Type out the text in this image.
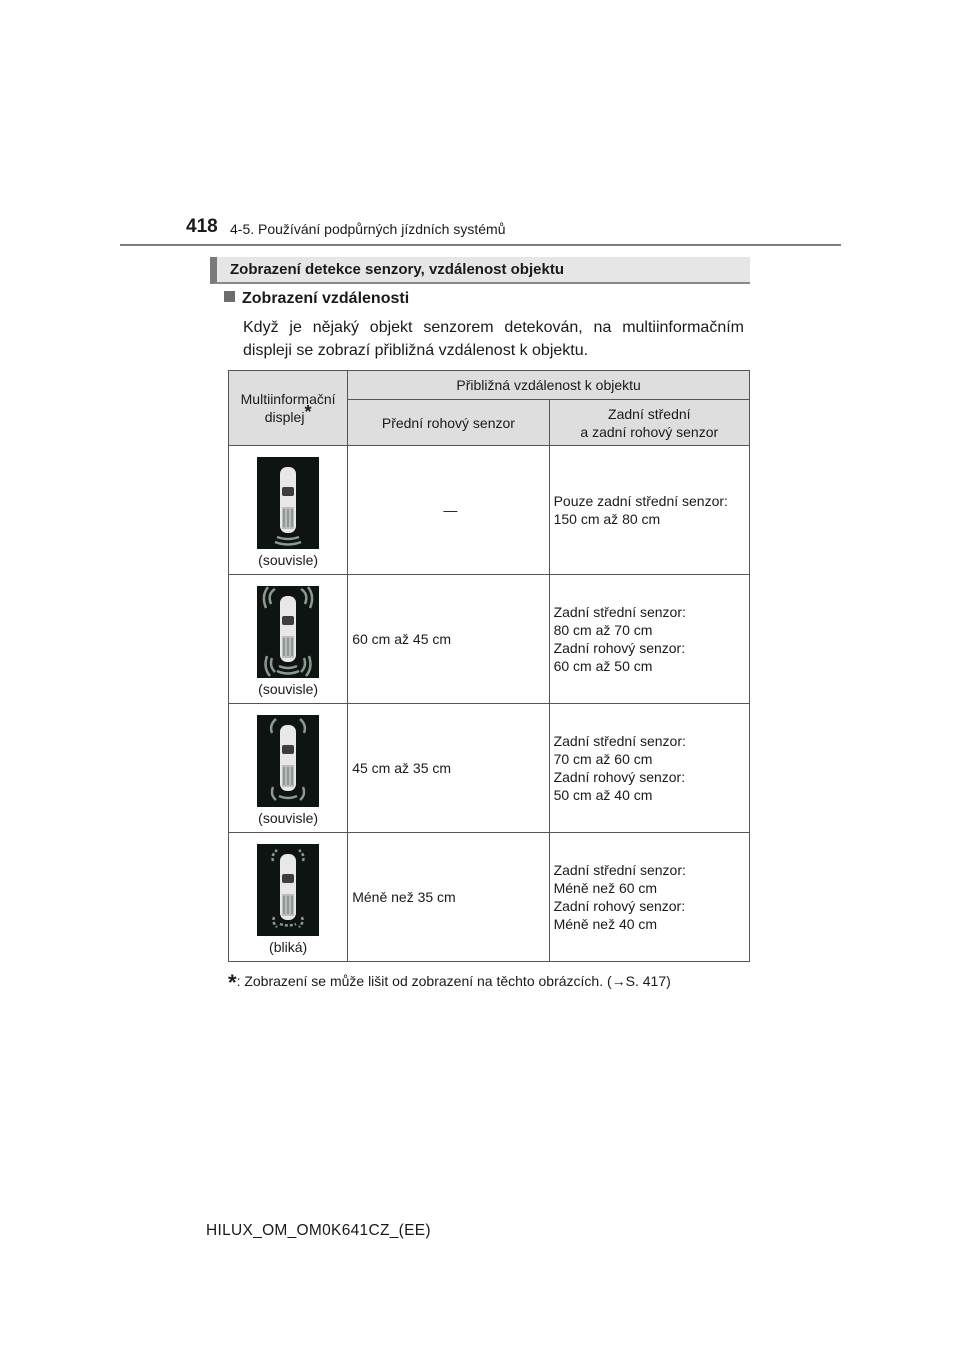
418 4-5. Používání podpůrných jízdních systémů
Zobrazení detekce senzory, vzdálenost objektu
Zobrazení vzdálenosti
Když je nějaký objekt senzorem detekován, na multiinformačním displeji se zobrazí přibližná vzdálenost k objektu.
Multiinformační
displej*	Přibližná vzdálenost k objektu	
	Přední rohový senzor	Zadní střední
a zadní rohový senzor

(souvisle)	—	Pouze zadní střední senzor:
150 cm až 80 cm

(souvisle)	60 cm až 45 cm	Zadní střední senzor:
80 cm až 70 cm
Zadní rohový senzor:
60 cm až 50 cm

(souvisle)	45 cm až 35 cm	Zadní střední senzor:
70 cm až 60 cm
Zadní rohový senzor:
50 cm až 40 cm

(bliká)	Méně než 35 cm	Zadní střední senzor:
Méně než 60 cm
Zadní rohový senzor:
Méně než 40 cm
*: Zobrazení se může lišit od zobrazení na těchto obrázcích. (→S. 417)
HILUX_OM_OM0K641CZ_(EE)
